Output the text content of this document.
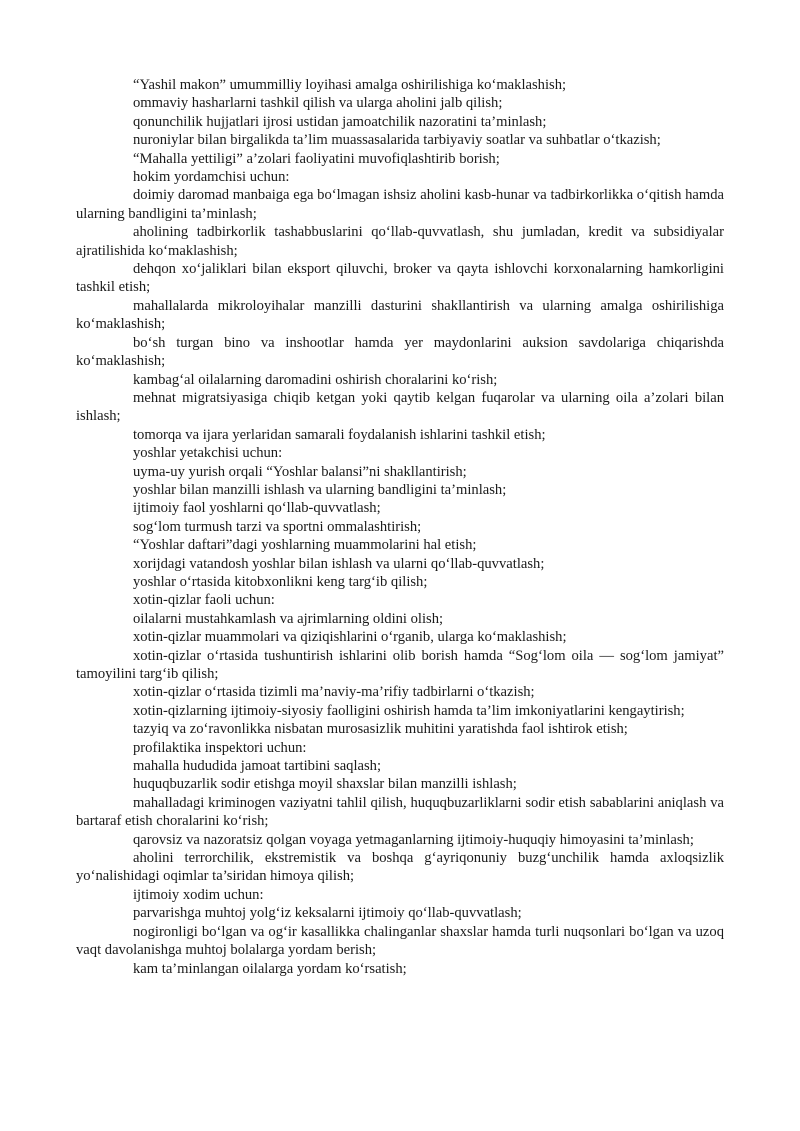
“Yashil makon” umummilliy loyihasi amalga oshirilishiga ko‘maklashish;

ommaviy hasharlarni tashkil qilish va ularga aholini jalb qilish;

qonunchilik hujjatlari ijrosi ustidan jamoatchilik nazoratini ta’minlash;

nuroniylar bilan birgalikda ta’lim muassasalarida tarbiyaviy soatlar va suhbatlar o‘tkazish;

“Mahalla yettiligi” a’zolari faoliyatini muvofiqlashtirib borish;

hokim yordamchisi uchun:

doimiy daromad manbaiga ega bo‘lmagan ishsiz aholini kasb-hunar va tadbirkorlikka o‘qitish hamda ularning bandligini ta’minlash;

aholining tadbirkorlik tashabbuslarini qo‘llab-quvvatlash, shu jumladan, kredit va subsidiyalar ajratilishida ko‘maklashish;

dehqon xo‘jaliklari bilan eksport qiluvchi, broker va qayta ishlovchi korxonalarning hamkorligini tashkil etish;

mahallalarda mikroloyihalar manzilli dasturini shakllantirish va ularning amalga oshirilishiga ko‘maklashish;

bo‘sh turgan bino va inshootlar hamda yer maydonlarini auksion savdolariga chiqarishda ko‘maklashish;

kambag‘al oilalarning daromadini oshirish choralarini ko‘rish;

mehnat migratsiyasiga chiqib ketgan yoki qaytib kelgan fuqarolar va ularning oila a’zolari bilan ishlash;

tomorqa va ijara yerlaridan samarali foydalanish ishlarini tashkil etish;

yoshlar yetakchisi uchun:

uyma-uy yurish orqali “Yoshlar balansi”ni shakllantirish;

yoshlar bilan manzilli ishlash va ularning bandligini ta’minlash;

ijtimoiy faol yoshlarni qo‘llab-quvvatlash;

sog‘lom turmush tarzi va sportni ommalashtirish;

“Yoshlar daftari”dagi yoshlarning muammolarini hal etish;

xorijdagi vatandosh yoshlar bilan ishlash va ularni qo‘llab-quvvatlash;

yoshlar o‘rtasida kitobxonlikni keng targ‘ib qilish;

xotin-qizlar faoli uchun:

oilalarni mustahkamlash va ajrimlarning oldini olish;

xotin-qizlar muammolari va qiziqishlarini o‘rganib, ularga ko‘maklashish;

xotin-qizlar o‘rtasida tushuntirish ishlarini olib borish hamda “Sog‘lom oila — sog‘lom jamiyat” tamoyilini targ‘ib qilish;

xotin-qizlar o‘rtasida tizimli ma’naviy-ma’rifiy tadbirlarni o‘tkazish;

xotin-qizlarning ijtimoiy-siyosiy faolligini oshirish hamda ta’lim imkoniyatlarini kengaytirish;

tazyiq va zo‘ravonlikka nisbatan murosasizlik muhitini yaratishda faol ishtirok etish;

profilaktika inspektori uchun:

mahalla hududida jamoat tartibini saqlash;

huquqbuzarlik sodir etishga moyil shaxslar bilan manzilli ishlash;

mahalladagi kriminogen vaziyatni tahlil qilish, huquqbuzarliklarni sodir etish sabablarini aniqlash va bartaraf etish choralarini ko‘rish;

qarovsiz va nazoratsiz qolgan voyaga yetmaganlarning ijtimoiy-huquqiy himoyasini ta’minlash;

aholini terrorchilik, ekstremistik va boshqa g‘ayriqonuniy buzg‘unchilik hamda axloqsizlik yo‘nalishidagi oqimlar ta’siridan himoya qilish;

ijtimoiy xodim uchun:

parvarishga muhtoj yolg‘iz keksalarni ijtimoiy qo‘llab-quvvatlash;

nogironligi bo‘lgan va og‘ir kasallikka chalinganlar shaxslar hamda turli nuqsonlari bo‘lgan va uzoq vaqt davolanishga muhtoj bolalarga yordam berish;

kam ta’minlangan oilalarga yordam ko‘rsatish;
